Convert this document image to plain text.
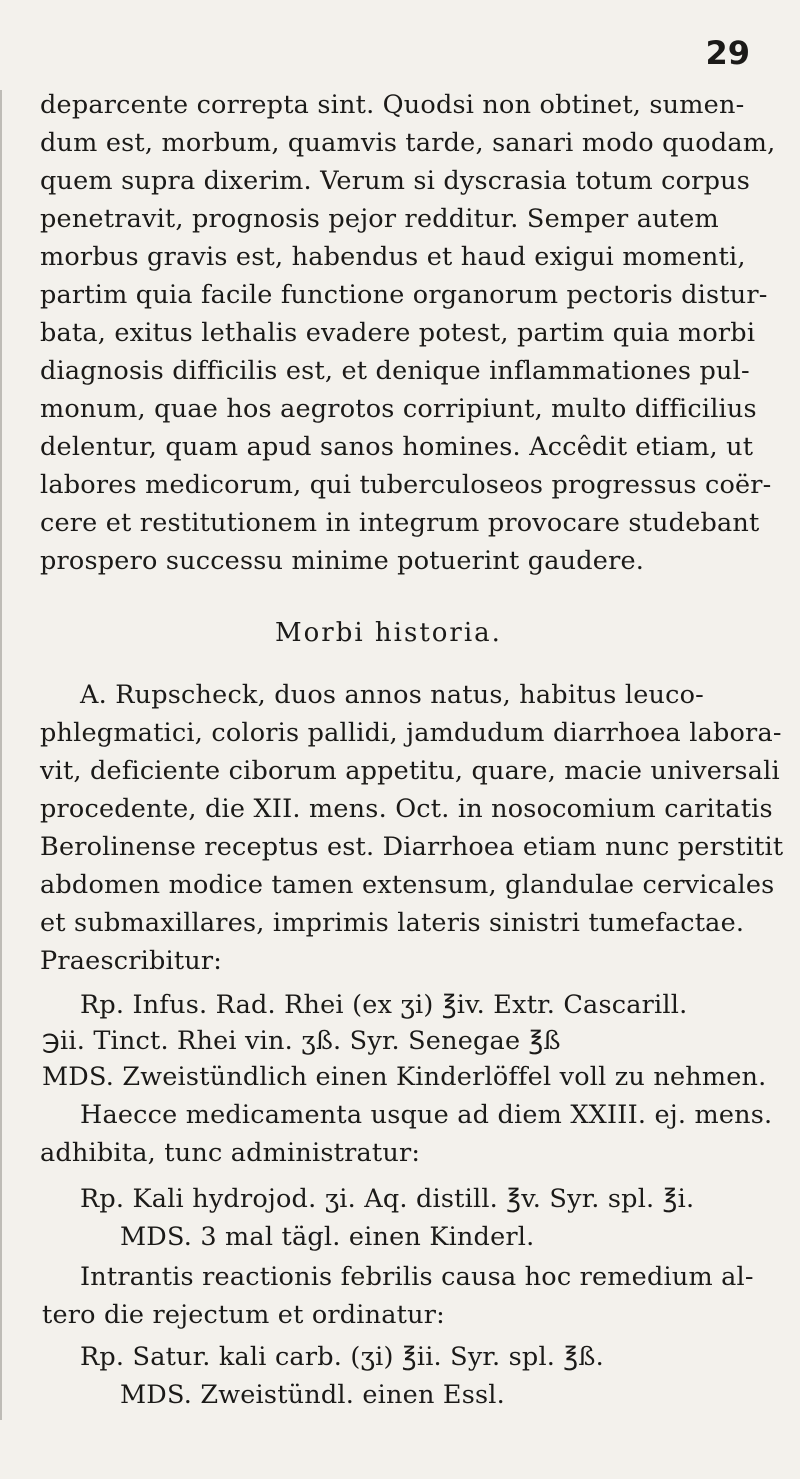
29
deparcente correpta sint. Quodsi non obtinet, sumen-
dum est, morbum, quamvis tarde, sanari modo quodam,
quem supra dixerim. Verum si dyscrasia totum corpus
penetravit, prognosis pejor redditur. Semper autem
morbus gravis est, habendus et haud exigui momenti,
partim quia facile functione organorum pectoris distur-
bata, exitus lethalis evadere potest, partim quia morbi
diagnosis difficilis est, et denique inflammationes pul-
monum, quae hos aegrotos corripiunt, multo difficilius
delentur, quam apud sanos homines. Accêdit etiam, ut
labores medicorum, qui tuberculoseos progressus coër-
cere et restitutionem in integrum provocare studebant
prospero successu minime potuerint gaudere.
Morbi historia.
A. Rupscheck, duos annos natus, habitus leuco-
phlegmatici, coloris pallidi, jamdudum diarrhoea labora-
vit, deficiente ciborum appetitu, quare, macie universali
procedente, die XII. mens. Oct. in nosocomium caritatis
Berolinense receptus est. Diarrhoea etiam nunc perstitit
abdomen modice tamen extensum, glandulae cervicales
et submaxillares, imprimis lateris sinistri tumefactae.
Praescribitur:
Rp. Infus. Rad. Rhei (ex ʒi) ℥iv. Extr. Cascarill.
℈ii. Tinct. Rhei vin. ʒß. Syr. Senegae ℥ß
MDS. Zweistündlich einen Kinderlöffel voll zu nehmen.
Haecce medicamenta usque ad diem XXIII. ej. mens.
adhibita, tunc administratur:
Rp. Kali hydrojod. ʒi. Aq. distill. ℥v. Syr. spl. ℥i.
MDS. 3 mal tägl. einen Kinderl.
Intrantis reactionis febrilis causa hoc remedium al-
tero die rejectum et ordinatur:
Rp. Satur. kali carb. (ʒi) ℥ii. Syr. spl. ℥ß.
MDS. Zweistündl. einen Essl.
